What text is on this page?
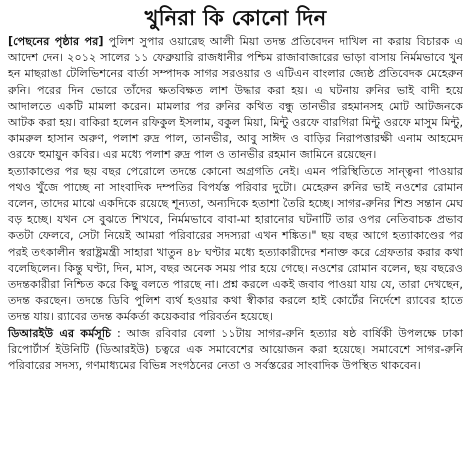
খুনিরা কি কোনো দিন

[পেছনের পৃষ্ঠার পর] পুলিশ সুপার ওয়ারেছ আলী মিয়া তদন্ত প্রতিবেদন দাখিল না করায় বিচারক এ আদেশ দেন। ২০১২ সালের ১১ ফেব্রুয়ারি রাজধানীর পশ্চিম রাজাবাজারের ভাড়া বাসায় নির্মমভাবে খুন হন মাছরাঙা টেলিভিশনের বার্তা সম্পাদক সাগর সরওয়ার ও এটিএন বাংলার জ্যেষ্ঠ প্রতিবেদক মেহেরুন রুনি। পরের দিন ভোরে তাঁদের ক্ষতবিক্ষত লাশ উদ্ধার করা হয়। এ ঘটনায় রুনির ভাই বাদী হয়ে আদালতে একটি মামলা করেন। মামলার পর রুনির কথিত বন্ধু তানভীর রহমানসহ মোট আটজনকে আটক করা হয়। বাকিরা হলেন রফিকুল ইসলাম, বকুল মিয়া, মিন্টু ওরফে বারগিরা মিন্টু ওরফে মাসুম মিন্টু, কামরুল হাসান অরুণ, পলাশ রুদ্র পাল, তানভীর, আবু সাঈদ ও বাড়ির নিরাপত্তারক্ষী এনাম আহমেদ ওরফে হুমায়ুন কবির। এর মধ্যে পলাশ রুদ্র পাল ও তানভীর রহমান জামিনে রয়েছেন।

হত্যাকাণ্ডের পর ছয় বছর পেরোলে তদন্তে কোনো অগ্রগতি নেই। এমন পরিস্থিতিতে সান্ত্বনা পাওয়ার পথও খুঁজে পাচ্ছে না সাংবাদিক দম্পতির বিপর্যস্ত পরিবার দুটো। মেহেরুন রুনির ভাই নওশের রোমান বলেন, তাদের মাঝে একদিকে রয়েছে শূন্যতা, অন্যদিকে হতাশা তৈরি হচ্ছে। সাগর-রুনির শিশু সন্তান মেঘ বড় হচ্ছে। যখন সে বুঝতে শিখবে, নির্মমভাবে বাবা-মা হারানোর ঘটনাটি তার ওপর নেতিবাচক প্রভাব কতটা ফেলবে, সেটা নিয়েই আমরা পরিবারের সদস্যরা এখন শঙ্কিত।" ছয় বছর আগে হত্যাকাণ্ডের পর পরই তৎকালীন স্বরাষ্ট্রমন্ত্রী সাহারা খাতুন ৪৮ ঘণ্টার মধ্যে হত্যাকারীদের শনাক্ত করে গ্রেফতার করার কথা বলেছিলেন। কিন্তু ঘণ্টা, দিন, মাস, বছর অনেক সময় পার হয়ে গেছে। নওশের রোমান বলেন, ছয় বছরেও তদন্তকারীরা নিশ্চিত করে কিছু বলতে পারছে না। প্রশ্ন করলে একই জবাব পাওয়া যায় যে, তারা দেখছেন, তদন্ত করছেন। তদন্তে ডিবি পুলিশ ব্যর্থ হওয়ার কথা স্বীকার করলে হাই কোর্টের নির্দেশে র‌্যাবের হাতে তদন্ত যায়। র‌্যাবের তদন্ত কর্মকর্তা কয়েকবার পরিবর্তন হয়েছে।

ডিআরইউ এর কর্মসূচি : আজ রবিবার বেলা ১১টায় সাগর-রুনি হত্যার ষষ্ঠ বার্ষিকী উপলক্ষে ঢাকা রিপোর্টার্স ইউনিটি (ডিআরইউ) চত্বরে এক সমাবেশের আয়োজন করা হয়েছে। সমাবেশে সাগর-রুনি পরিবারের সদস্য, গণমাধ্যমের বিভিন্ন সংগঠনের নেতা ও সর্বস্তরের সাংবাদিক উপস্থিত থাকবেন।
